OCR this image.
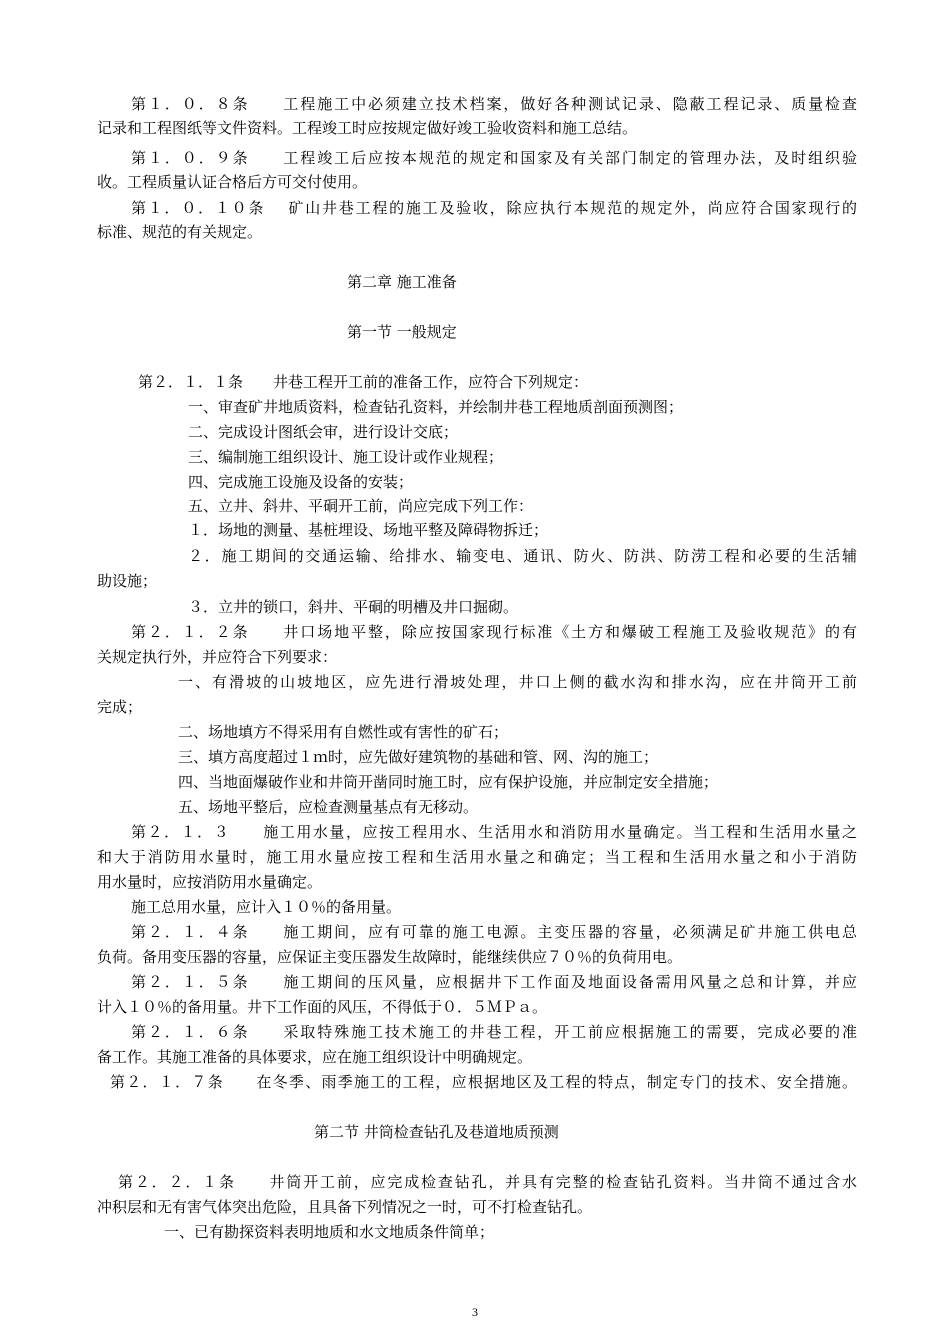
第１．０．８条　　工程施工中必须建立技术档案，做好各种测试记录、隐蔽工程记录、质量检查
记录和工程图纸等文件资料。工程竣工时应按规定做好竣工验收资料和施工总结。
第１．０．９条　　工程竣工后应按本规范的规定和国家及有关部门制定的管理办法，及时组织验
收。工程质量认证合格后方可交付使用。
第１．０．１０条　 矿山井巷工程的施工及验收，除应执行本规范的规定外，尚应符合国家现行的
标准、规范的有关规定。
第二章 施工准备
第一节 一般规定
第２．１．１条　　井巷工程开工前的准备工作，应符合下列规定：
一、审查矿井地质资料，检查钻孔资料，并绘制井巷工程地质剖面预测图；
二、完成设计图纸会审，进行设计交底；
三、编制施工组织设计、施工设计或作业规程；
四、完成施工设施及设备的安装；
五、立井、斜井、平硐开工前，尚应完成下列工作：
１．场地的测量、基桩埋设、场地平整及障碍物拆迁；
２．施工期间的交通运输、给排水、输变电、通讯、防火、防洪、防涝工程和必要的生活辅
助设施；
３．立井的锁口，斜井、平硐的明槽及井口掘砌。
第２．１．２条　　井口场地平整，除应按国家现行标准《土方和爆破工程施工及验收规范》的有
关规定执行外，并应符合下列要求：
一、有滑坡的山坡地区，应先进行滑坡处理，井口上侧的截水沟和排水沟，应在井筒开工前
完成；
二、场地填方不得采用有自燃性或有害性的矿石；
三、填方高度超过１ｍ时，应先做好建筑物的基础和管、网、沟的施工；
四、当地面爆破作业和井筒开凿同时施工时，应有保护设施，并应制定安全措施；
五、场地平整后，应检查测量基点有无移动。
第２．１．３　　施工用水量，应按工程用水、生活用水和消防用水量确定。当工程和生活用水量之
和大于消防用水量时，施工用水量应按工程和生活用水量之和确定；当工程和生活用水量之和小于消防
用水量时，应按消防用水量确定。
施工总用水量，应计入１０％的备用量。
第２．１．４条　　施工期间，应有可靠的施工电源。主变压器的容量，必须满足矿井施工供电总
负荷。备用变压器的容量，应保证主变压器发生故障时，能继续供应７０％的负荷用电。
第２．１．５条　　施工期间的压风量，应根据井下工作面及地面设备需用风量之总和计算，并应
计入１０％的备用量。井下工作面的风压，不得低于０．５ＭＰａ。
第２．１．６条　　采取特殊施工技术施工的井巷工程，开工前应根据施工的需要，完成必要的准
备工作。其施工准备的具体要求，应在施工组织设计中明确规定。
第２．１．７条　　在冬季、雨季施工的工程，应根据地区及工程的特点，制定专门的技术、安全措施。
第二节 井筒检查钻孔及巷道地质预测
第２．２．１条　　井筒开工前，应完成检查钻孔，并具有完整的检查钻孔资料。当井筒不通过含水
冲积层和无有害气体突出危险，且具备下列情况之一时，可不打检查钻孔。
一、已有勘探资料表明地质和水文地质条件简单；
3
